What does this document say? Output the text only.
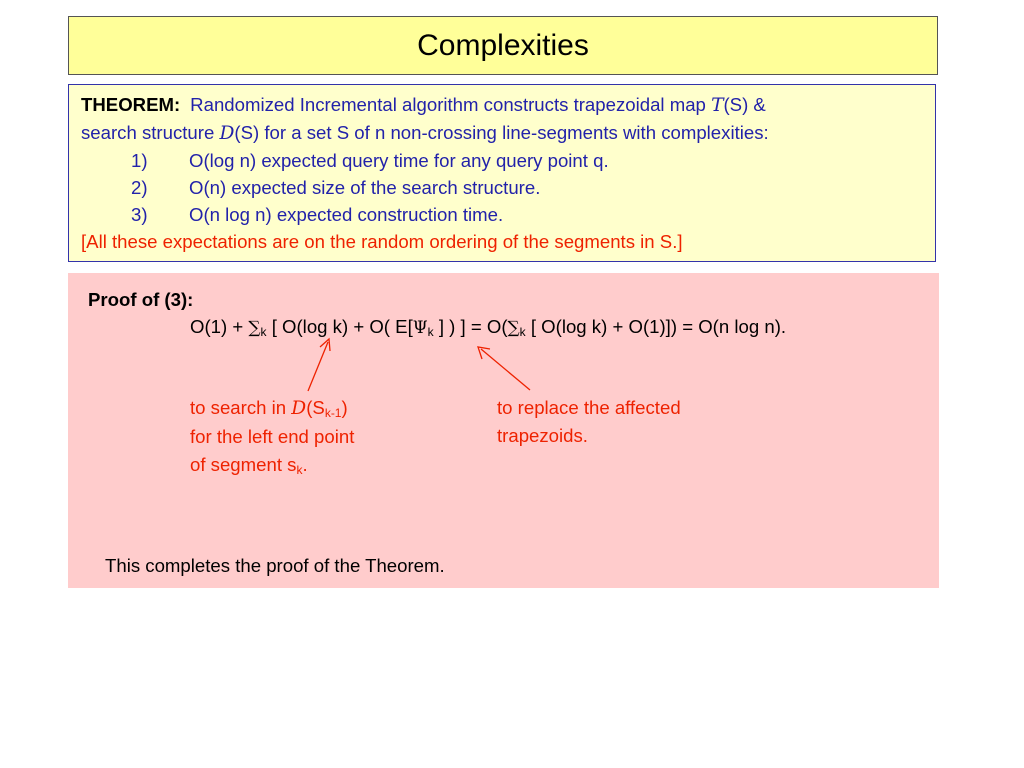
Complexities
THEOREM: Randomized Incremental algorithm constructs trapezoidal map T(S) &
search structure D(S) for a set S of n non-crossing line-segments with complexities:
1) O(log n) expected query time for any query point q.
2) O(n) expected size of the search structure.
3) O(n log n) expected construction time.
[All these expectations are on the random ordering of the segments in S.]
Proof of (3):
$O(1) + \sum_k$ [ O(log k) + O( $E[\Psi_k$ ] ) ] = $O(\sum_k$ [ O(log k) + O(1)]) = O(n log n).
to search in $D(S_{k-1})$
for the left end point
of segment $s_k$.
to replace the affected
trapezoids.
This completes the proof of the Theorem.
